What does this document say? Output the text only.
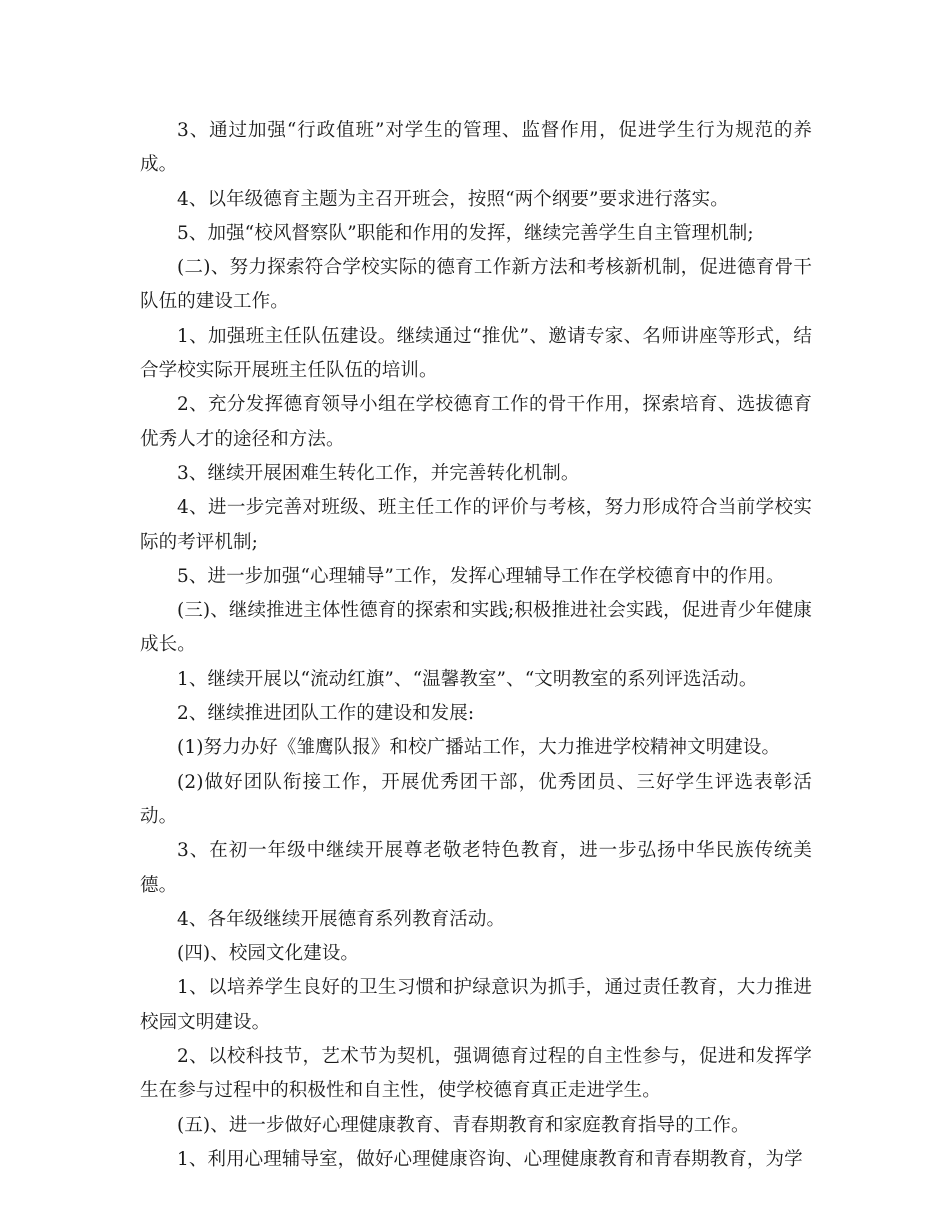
3、通过加强“行政值班”对学生的管理、监督作用，促进学生行为规范的养成。

4、以年级德育主题为主召开班会，按照“两个纲要”要求进行落实。

5、加强“校风督察队”职能和作用的发挥，继续完善学生自主管理机制;

(二)、努力探索符合学校实际的德育工作新方法和考核新机制，促进德育骨干队伍的建设工作。

1、加强班主任队伍建设。继续通过“推优”、邀请专家、名师讲座等形式，结合学校实际开展班主任队伍的培训。

2、充分发挥德育领导小组在学校德育工作的骨干作用，探索培育、选拔德育优秀人才的途径和方法。

3、继续开展困难生转化工作，并完善转化机制。

4、进一步完善对班级、班主任工作的评价与考核，努力形成符合当前学校实际的考评机制;

5、进一步加强“心理辅导”工作，发挥心理辅导工作在学校德育中的作用。

(三)、继续推进主体性德育的探索和实践;积极推进社会实践，促进青少年健康成长。

1、继续开展以“流动红旗”、“温馨教室”、“文明教室的系列评选活动。

2、继续推进团队工作的建设和发展:

(1)努力办好《雏鹰队报》和校广播站工作，大力推进学校精神文明建设。

(2)做好团队衔接工作，开展优秀团干部，优秀团员、三好学生评选表彰活动。

3、在初一年级中继续开展尊老敬老特色教育，进一步弘扬中华民族传统美德。

4、各年级继续开展德育系列教育活动。

(四)、校园文化建设。

1、以培养学生良好的卫生习惯和护绿意识为抓手，通过责任教育，大力推进校园文明建设。

2、以校科技节，艺术节为契机，强调德育过程的自主性参与，促进和发挥学生在参与过程中的积极性和自主性，使学校德育真正走进学生。

(五)、进一步做好心理健康教育、青春期教育和家庭教育指导的工作。

1、利用心理辅导室，做好心理健康咨询、心理健康教育和青春期教育，为学
